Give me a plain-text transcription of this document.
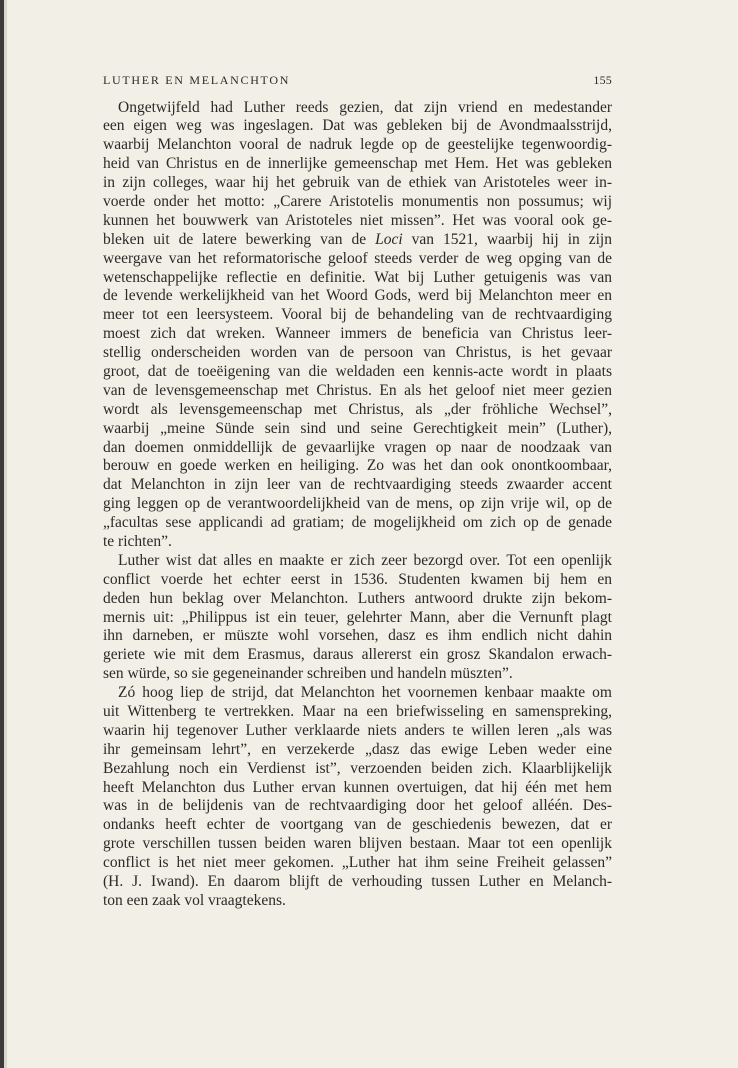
LUTHER EN MELANCHTON	155
Ongetwijfeld had Luther reeds gezien, dat zijn vriend en medestander
een eigen weg was ingeslagen. Dat was gebleken bij de Avondmaalsstrijd,
waarbij Melanchton vooral de nadruk legde op de geestelijke tegenwoordig-
heid van Christus en de innerlijke gemeenschap met Hem. Het was gebleken
in zijn colleges, waar hij het gebruik van de ethiek van Aristoteles weer in-
voerde onder het motto: „Carere Aristotelis monumentis non possumus; wij
kunnen het bouwwerk van Aristoteles niet missen”. Het was vooral ook ge-
bleken uit de latere bewerking van de Loci van 1521, waarbij hij in zijn
weergave van het reformatorische geloof steeds verder de weg opging van de
wetenschappelijke reflectie en definitie. Wat bij Luther getuigenis was van
de levende werkelijkheid van het Woord Gods, werd bij Melanchton meer en
meer tot een leersysteem. Vooral bij de behandeling van de rechtvaardiging
moest zich dat wreken. Wanneer immers de beneficia van Christus leer-
stellig onderscheiden worden van de persoon van Christus, is het gevaar
groot, dat de toeëigening van die weldaden een kennis-acte wordt in plaats
van de levensgemeenschap met Christus. En als het geloof niet meer gezien
wordt als levensgemeenschap met Christus, als „der fröhliche Wechsel”,
waarbij „meine Sünde sein sind und seine Gerechtigkeit mein” (Luther),
dan doemen onmiddellijk de gevaarlijke vragen op naar de noodzaak van
berouw en goede werken en heiliging. Zo was het dan ook onontkoombaar,
dat Melanchton in zijn leer van de rechtvaardiging steeds zwaarder accent
ging leggen op de verantwoordelijkheid van de mens, op zijn vrije wil, op de
„facultas sese applicandi ad gratiam; de mogelijkheid om zich op de genade
te richten”.
Luther wist dat alles en maakte er zich zeer bezorgd over. Tot een openlijk
conflict voerde het echter eerst in 1536. Studenten kwamen bij hem en
deden hun beklag over Melanchton. Luthers antwoord drukte zijn bekom-
mernis uit: „Philippus ist ein teuer, gelehrter Mann, aber die Vernunft plagt
ihn darneben, er müszte wohl vorsehen, dasz es ihm endlich nicht dahin
geriete wie mit dem Erasmus, daraus allererst ein grosz Skandalon erwach-
sen würde, so sie gegeneinander schreiben und handeln müszten”.
Zó hoog liep de strijd, dat Melanchton het voornemen kenbaar maakte om
uit Wittenberg te vertrekken. Maar na een briefwisseling en samenspreking,
waarin hij tegenover Luther verklaarde niets anders te willen leren „als was
ihr gemeinsam lehrt”, en verzekerde „dasz das ewige Leben weder eine
Bezahlung noch ein Verdienst ist”, verzoenden beiden zich. Klaarblijkelijk
heeft Melanchton dus Luther ervan kunnen overtuigen, dat hij één met hem
was in de belijdenis van de rechtvaardiging door het geloof alléén. Des-
ondanks heeft echter de voortgang van de geschiedenis bewezen, dat er
grote verschillen tussen beiden waren blijven bestaan. Maar tot een openlijk
conflict is het niet meer gekomen. „Luther hat ihm seine Freiheit gelassen”
(H. J. Iwand). En daarom blijft de verhouding tussen Luther en Melanch-
ton een zaak vol vraagtekens.
